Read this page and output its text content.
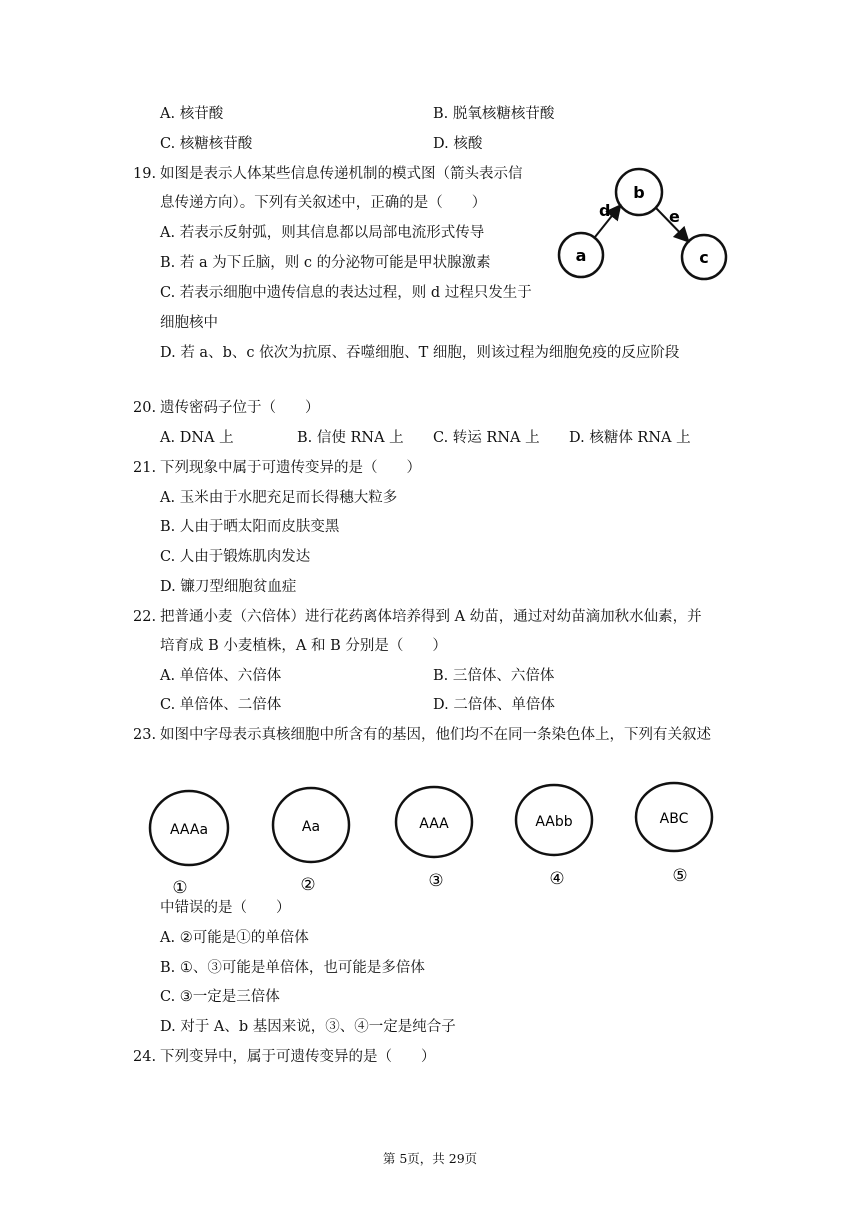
A. 核苷酸	B. 脱氧核糖核苷酸
C. 核糖核苷酸	D. 核酸
19. 如图是表示人体某些信息传递机制的模式图（箭头表示信
息传递方向）。下列有关叙述中，正确的是（　　）
A. 若表示反射弧，则其信息都以局部电流形式传导
B. 若 a 为下丘脑，则 c 的分泌物可能是甲状腺激素
C. 若表示细胞中遗传信息的表达过程，则 d 过程只发生于
细胞核中
D. 若 a、b、c 依次为抗原、吞噬细胞、T 细胞，则该过程为细胞免疫的反应阶段
a
b
c
d	e
20. 遗传密码子位于（　　）
A. DNA 上	B. 信使 RNA 上 C. 转运 RNA 上 D. 核糖体 RNA 上
21. 下列现象中属于可遗传变异的是（　　）
A. 玉米由于水肥充足而长得穗大粒多
B. 人由于晒太阳而皮肤变黑
C. 人由于锻炼肌肉发达
D. 镰刀型细胞贫血症
22. 把普通小麦（六倍体）进行花药离体培养得到 A 幼苗，通过对幼苗滴加秋水仙素，并
培育成 B 小麦植株，A 和 B 分别是（　　）
A. 单倍体、六倍体	B. 三倍体、六倍体
C. 单倍体、二倍体	D. 二倍体、单倍体
23. 如图中字母表示真核细胞中所含有的基因，他们均不在同一条染色体上，下列有关叙述
AAAa
①
Aa
②
AAA
③
AAbb
④
ABC
⑤
中错误的是（　　）
A. ②可能是①的单倍体
B. ①、③可能是单倍体，也可能是多倍体
C. ③一定是三倍体
D. 对于 A、b 基因来说，③、④一定是纯合子
24. 下列变异中，属于可遗传变异的是（　　）
第 5页，共 29页
